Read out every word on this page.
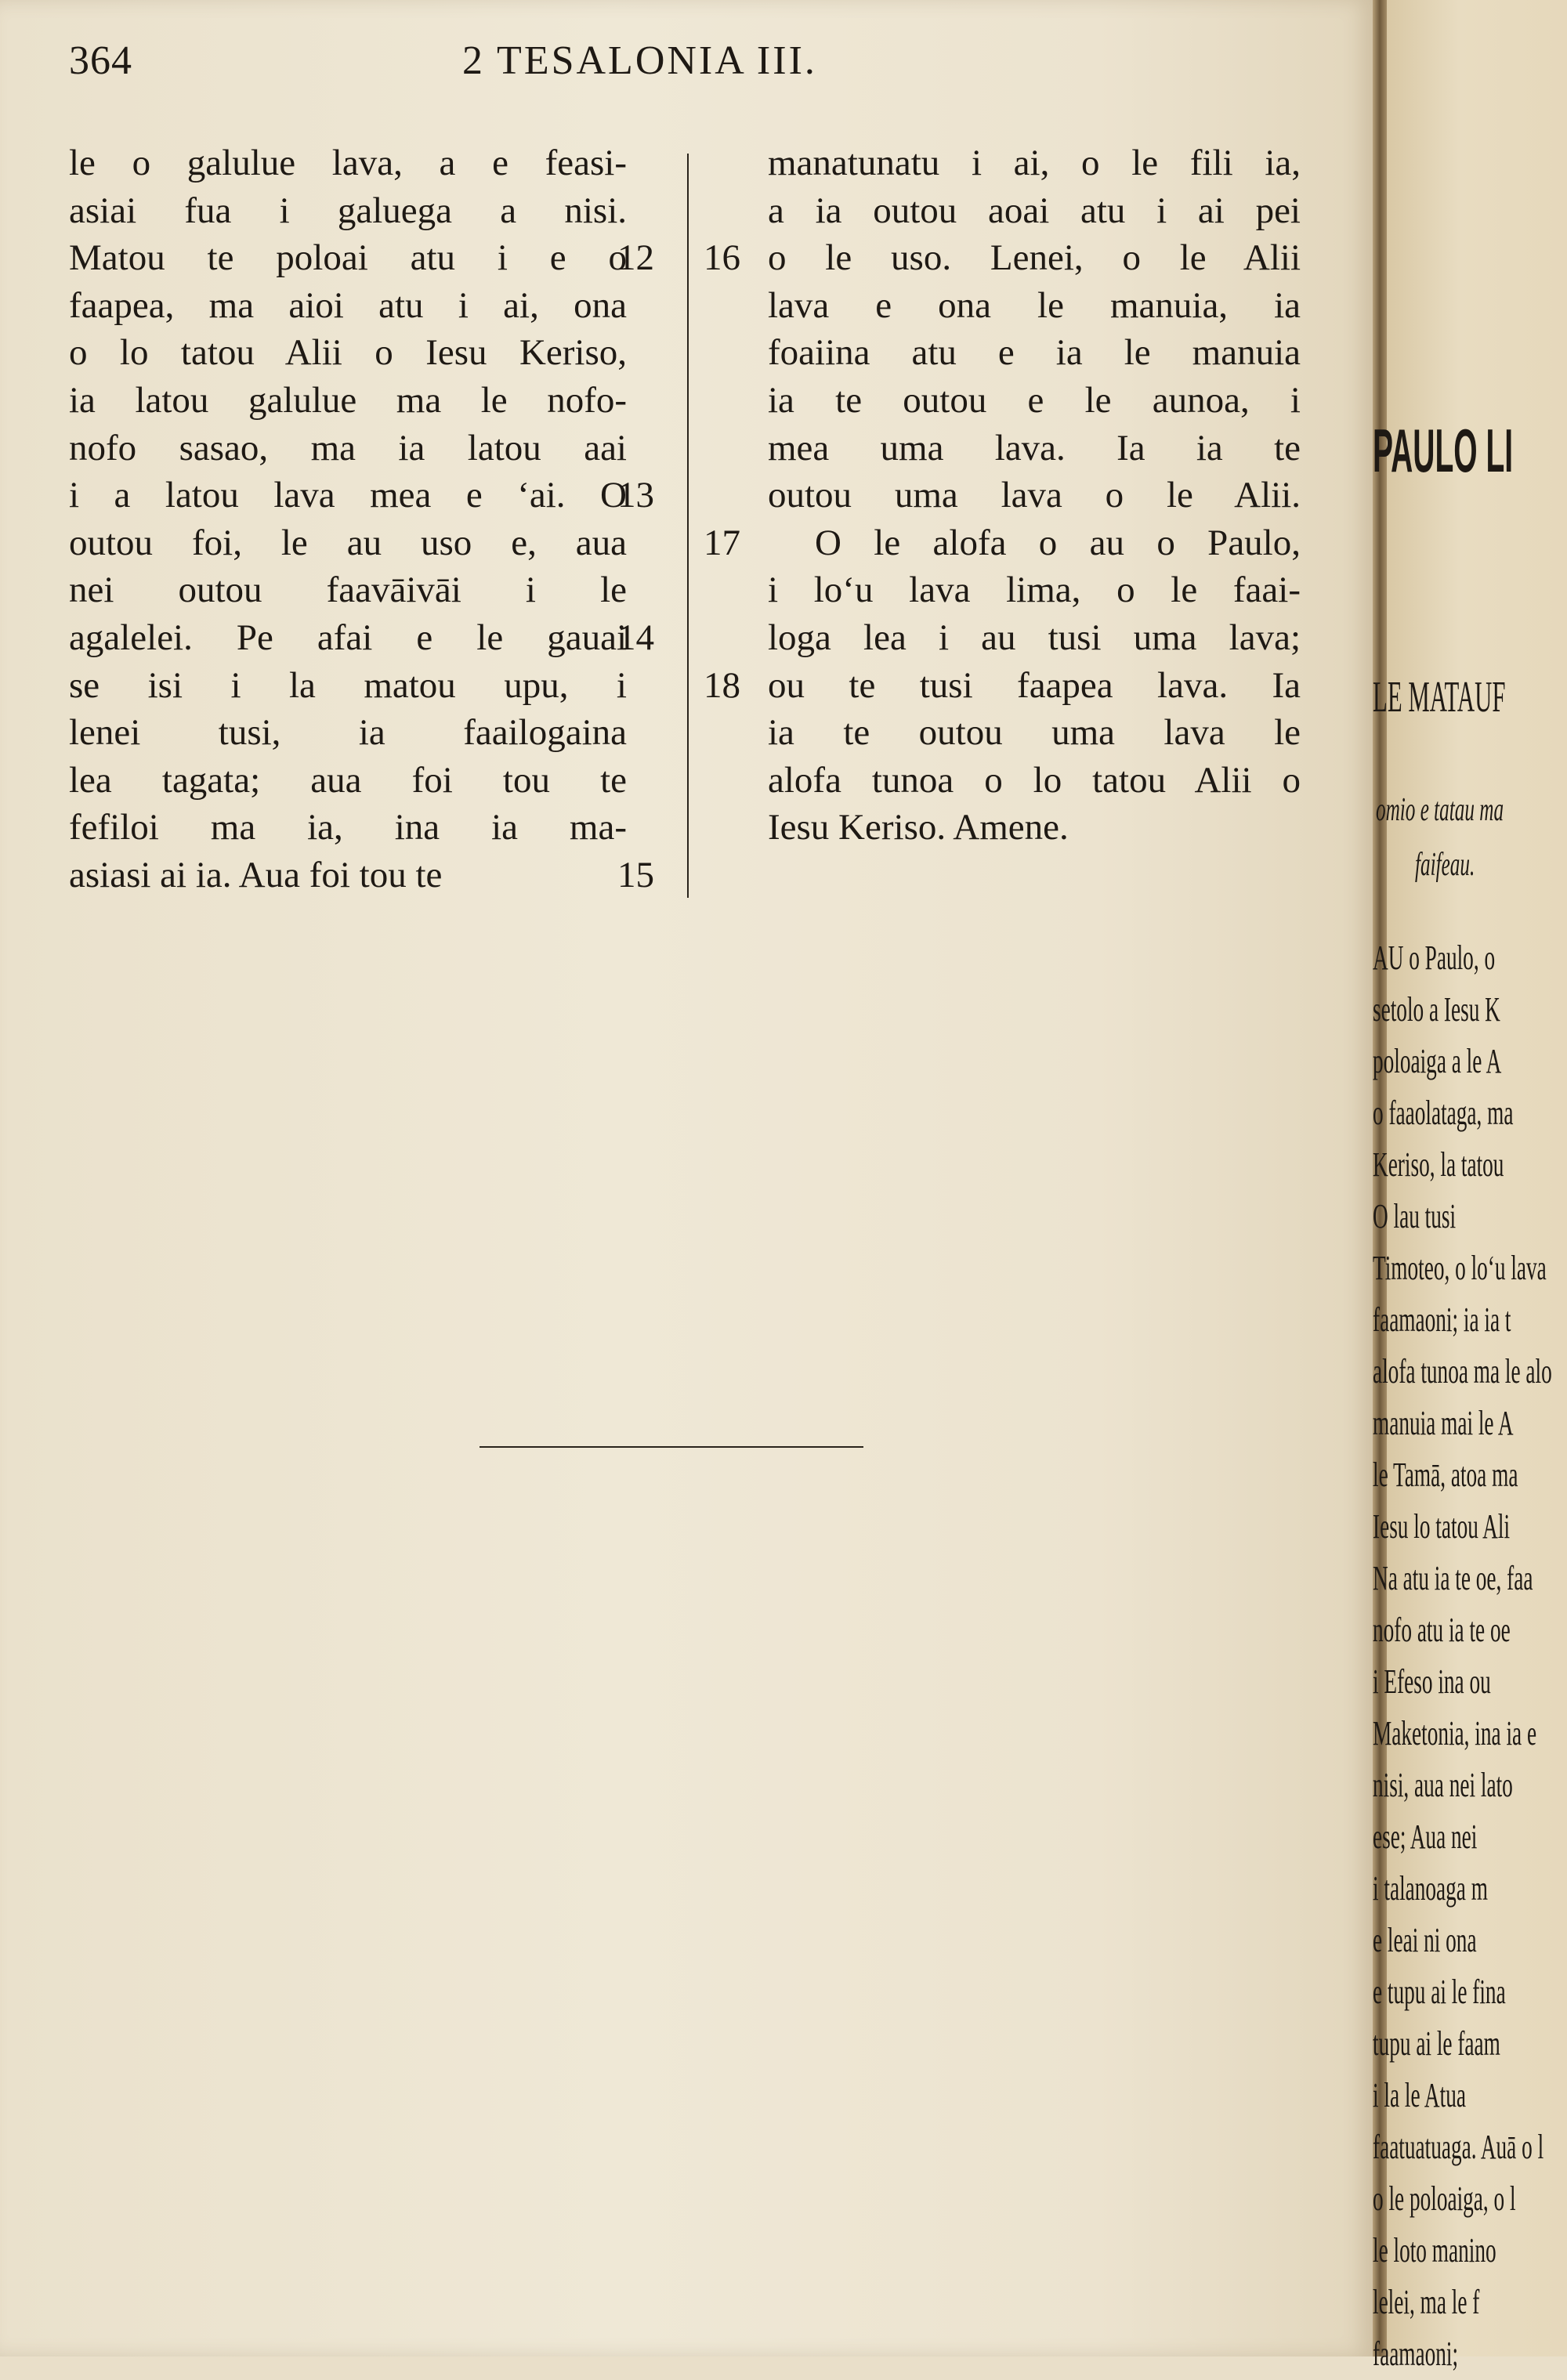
364	2 TESALONIA III.
le o galulue lava, a e feasi-
asiai fua i galuega a nisi.
Matou te poloai atu i e o
12
faapea, ma aioi atu i ai, ona
o lo tatou Alii o Iesu Keriso,
ia latou galulue ma le nofo-
nofo sasao, ma ia latou aai
i a latou lava mea e ‘ai. O
13
outou foi, le au uso e, aua
nei outou faavāivāi i le
agalelei. Pe afai e le gauai
14
se isi i la matou upu, i
lenei tusi, ia faailogaina
lea tagata; aua foi tou te
fefiloi ma ia, ina ia ma-
asiasi ai ia. Aua foi tou te	15
manatunatu i ai, o le fili ia,
a ia outou aoai atu i ai pei
o le uso. Lenei, o le Alii
16
lava e ona le manuia, ia
foaiina atu e ia le manuia
ia te outou e le aunoa, i
mea uma lava. Ia ia te
outou uma lava o le Alii.
O le alofa o au o Paulo,
17
i lo‘u lava lima, o le faai-
loga lea i au tusi uma lava;
ou te tusi faapea lava. Ia
18
ia te outou uma lava le
alofa tunoa o lo tatou Alii o
Iesu Keriso. Amene.
PAULO LI
LE MATAUF
omio e tatau ma
faifeau.
AU o Paulo, o
setolo a Iesu K
poloaiga a le A
o faaolataga, ma
Keriso, la tatou
O lau tusi
Timoteo, o lo‘u lava
faamaoni; ia ia t
alofa tunoa ma le alo
manuia mai le A
le Tamā, atoa ma
Iesu lo tatou Ali
Na atu ia te oe, faa
nofo atu ia te oe
i Efeso ina ou
Maketonia, ina ia e
nisi, aua nei lato
ese; Aua nei
i talanoaga m
e leai ni ona
e tupu ai le fina
tupu ai le faam
i la le Atua
faatuatuaga. Auā o l
o le poloaiga, o l
le loto manino
lelei, ma le f
faamaoni;
